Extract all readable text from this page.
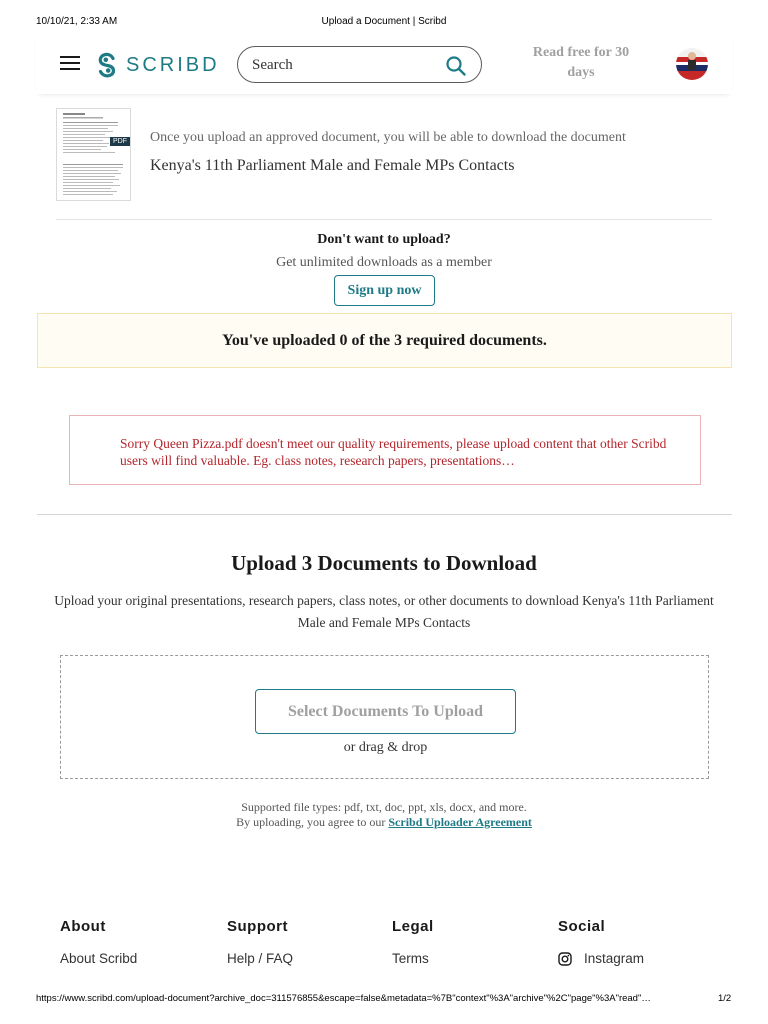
10/10/21, 2:33 AM	Upload a Document | Scribd
SCRIBD
Search
Read free for 30 days
PDF Once you upload an approved document, you will be able to download the document
Kenya's 11th Parliament Male and Female MPs Contacts
Don't want to upload?
Get unlimited downloads as a member
Sign up now
You've uploaded 0 of the 3 required documents.

Sorry Queen Pizza.pdf doesn't meet our quality requirements, please upload content that other Scribd users will find valuable. Eg. class notes, research papers, presentations…

Upload 3 Documents to Download

Upload your original presentations, research papers, class notes, or other documents to download Kenya's 11th Parliament Male and Female MPs Contacts

Select Documents To Upload
or drag & drop
Supported file types: pdf, txt, doc, ppt, xls, docx, and more. By uploading, you agree to our Scribd Uploader Agreement
About
About Scribd
Support
Help / FAQ
Legal
Terms
Social
Instagram
https://www.scribd.com/upload-document?archive_doc=311576855&escape=false&metadata=%7B"context"%3A"archive"%2C"page"%3A"read"…	1/2
